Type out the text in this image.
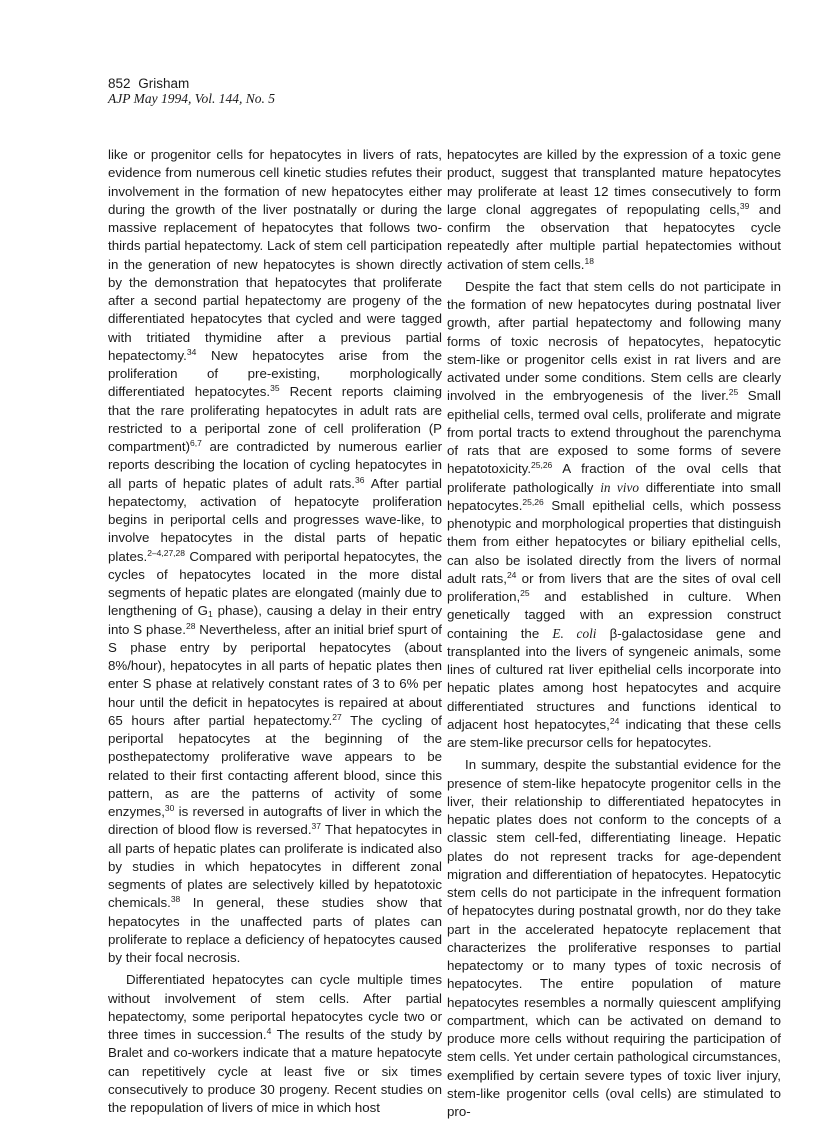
852 Grisham
AJP May 1994, Vol. 144, No. 5

like or progenitor cells for hepatocytes in livers of rats, evidence from numerous cell kinetic studies refutes their involvement in the formation of new hepatocytes either during the growth of the liver postnatally or during the massive replacement of hepatocytes that follows two-thirds partial hepatectomy. Lack of stem cell participation in the generation of new hepatocytes is shown directly by the demonstration that hepatocytes that proliferate after a second partial hepatectomy are progeny of the differentiated hepatocytes that cycled and were tagged with tritiated thymidine after a previous partial hepatectomy.$^{34}$ New hepatocytes arise from the proliferation of pre-existing, morphologically differentiated hepatocytes.$^{35}$ Recent reports claiming that the rare proliferating hepatocytes in adult rats are restricted to a periportal zone of cell proliferation (P compartment)$^{6,7}$ are contradicted by numerous earlier reports describing the location of cycling hepatocytes in all parts of hepatic plates of adult rats.$^{36}$ After partial hepatectomy, activation of hepatocyte proliferation begins in periportal cells and progresses wave-like, to involve hepatocytes in the distal parts of hepatic plates.$^{2-4,27,28}$ Compared with periportal hepatocytes, the cycles of hepatocytes located in the more distal segments of hepatic plates are elongated (mainly due to lengthening of $G_1$ phase), causing a delay in their entry into S phase.$^{28}$ Nevertheless, after an initial brief spurt of S phase entry by periportal hepatocytes (about 8%/hour), hepatocytes in all parts of hepatic plates then enter S phase at relatively constant rates of 3 to 6% per hour until the deficit in hepatocytes is repaired at about 65 hours after partial hepatectomy.$^{27}$ The cycling of periportal hepatocytes at the beginning of the posthepatectomy proliferative wave appears to be related to their first contacting afferent blood, since this pattern, as are the patterns of activity of some enzymes,$^{30}$ is reversed in autografts of liver in which the direction of blood flow is reversed.$^{37}$ That hepatocytes in all parts of hepatic plates can proliferate is indicated also by studies in which hepatocytes in different zonal segments of plates are selectively killed by hepatotoxic chemicals.$^{38}$ In general, these studies show that hepatocytes in the unaffected parts of plates can proliferate to replace a deficiency of hepatocytes caused by their focal necrosis.

Differentiated hepatocytes can cycle multiple times without involvement of stem cells. After partial hepatectomy, some periportal hepatocytes cycle two or three times in succession.$^4$ The results of the study by Bralet and co-workers indicate that a mature hepatocyte can repetitively cycle at least five or six times consecutively to produce 30 progeny. Recent studies on the repopulation of livers of mice in which host

hepatocytes are killed by the expression of a toxic gene product, suggest that transplanted mature hepatocytes may proliferate at least 12 times consecutively to form large clonal aggregates of repopulating cells,$^{39}$ and confirm the observation that hepatocytes cycle repeatedly after multiple partial hepatectomies without activation of stem cells.$^{18}$

Despite the fact that stem cells do not participate in the formation of new hepatocytes during postnatal liver growth, after partial hepatectomy and following many forms of toxic necrosis of hepatocytes, hepatocytic stem-like or progenitor cells exist in rat livers and are activated under some conditions. Stem cells are clearly involved in the embryogenesis of the liver.$^{25}$ Small epithelial cells, termed oval cells, proliferate and migrate from portal tracts to extend throughout the parenchyma of rats that are exposed to some forms of severe hepatotoxicity.$^{25,26}$ A fraction of the oval cells that proliferate pathologically in vivo differentiate into small hepatocytes.$^{25,26}$ Small epithelial cells, which possess phenotypic and morphological properties that distinguish them from either hepatocytes or biliary epithelial cells, can also be isolated directly from the livers of normal adult rats,$^{24}$ or from livers that are the sites of oval cell proliferation,$^{25}$ and established in culture. When genetically tagged with an expression construct containing the E. coli β-galactosidase gene and transplanted into the livers of syngeneic animals, some lines of cultured rat liver epithelial cells incorporate into hepatic plates among host hepatocytes and acquire differentiated structures and functions identical to adjacent host hepatocytes,$^{24}$ indicating that these cells are stem-like precursor cells for hepatocytes.

In summary, despite the substantial evidence for the presence of stem-like hepatocyte progenitor cells in the liver, their relationship to differentiated hepatocytes in hepatic plates does not conform to the concepts of a classic stem cell-fed, differentiating lineage. Hepatic plates do not represent tracks for age-dependent migration and differentiation of hepatocytes. Hepatocytic stem cells do not participate in the infrequent formation of hepatocytes during postnatal growth, nor do they take part in the accelerated hepatocyte replacement that characterizes the proliferative responses to partial hepatectomy or to many types of toxic necrosis of hepatocytes. The entire population of mature hepatocytes resembles a normally quiescent amplifying compartment, which can be activated on demand to produce more cells without requiring the participation of stem cells. Yet under certain pathological circumstances, exemplified by certain severe types of toxic liver injury, stem-like progenitor cells (oval cells) are stimulated to pro-
